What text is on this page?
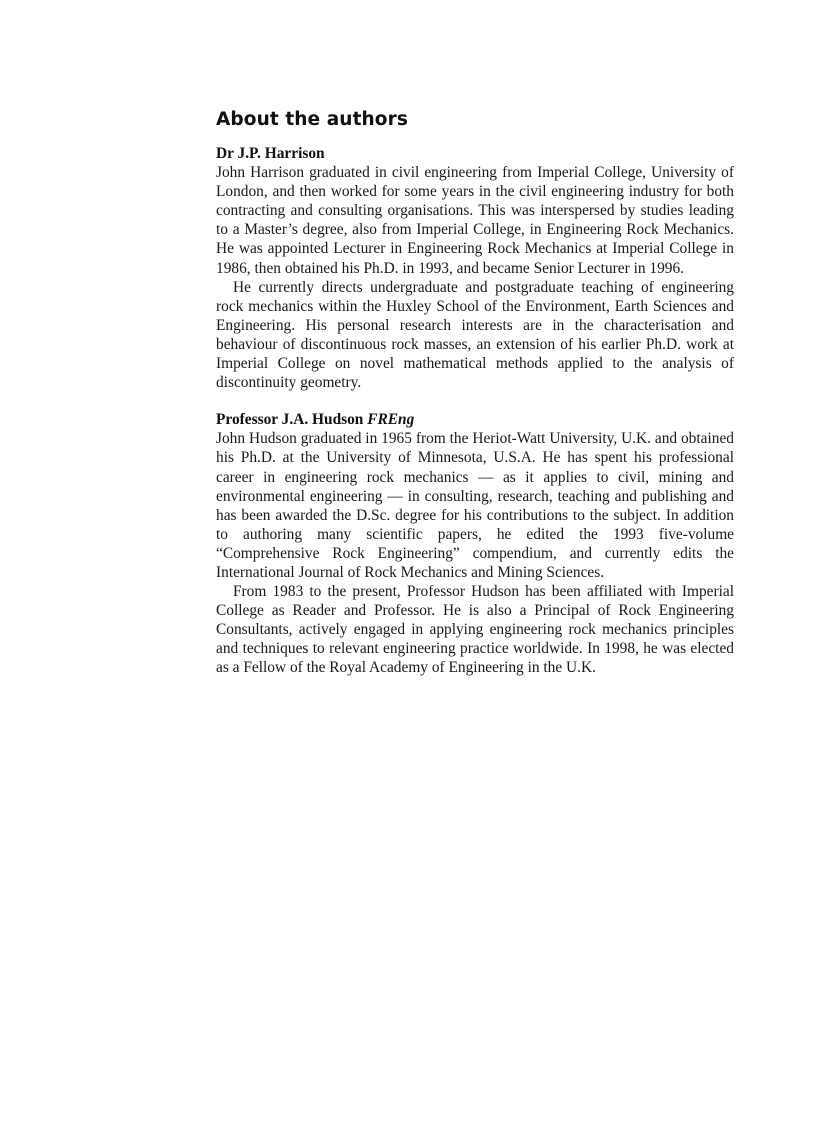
About the authors

Dr J.P. Harrison

John Harrison graduated in civil engineering from Imperial College, University of London, and then worked for some years in the civil engineering industry for both contracting and consulting organisations. This was interspersed by studies leading to a Master’s degree, also from Imperial College, in Engineering Rock Mechanics. He was appointed Lecturer in Engineering Rock Mechanics at Imperial College in 1986, then obtained his Ph.D. in 1993, and became Senior Lecturer in 1996.

He currently directs undergraduate and postgraduate teaching of engineering rock mechanics within the Huxley School of the Environment, Earth Sciences and Engineering. His personal research interests are in the characterisation and behaviour of discontinuous rock masses, an extension of his earlier Ph.D. work at Imperial College on novel mathematical methods applied to the analysis of discontinuity geometry.

Professor J.A. Hudson FREng

John Hudson graduated in 1965 from the Heriot-Watt University, U.K. and obtained his Ph.D. at the University of Minnesota, U.S.A. He has spent his professional career in engineering rock mechanics — as it applies to civil, mining and environmental engineering — in consulting, research, teaching and publishing and has been awarded the D.Sc. degree for his contributions to the subject. In addition to authoring many scientific papers, he edited the 1993 five-volume “Comprehensive Rock Engineering” compendium, and currently edits the International Journal of Rock Mechanics and Mining Sciences.

From 1983 to the present, Professor Hudson has been affiliated with Imperial College as Reader and Professor. He is also a Principal of Rock Engineering Consultants, actively engaged in applying engineering rock mechanics principles and techniques to relevant engineering practice worldwide. In 1998, he was elected as a Fellow of the Royal Academy of Engineering in the U.K.
